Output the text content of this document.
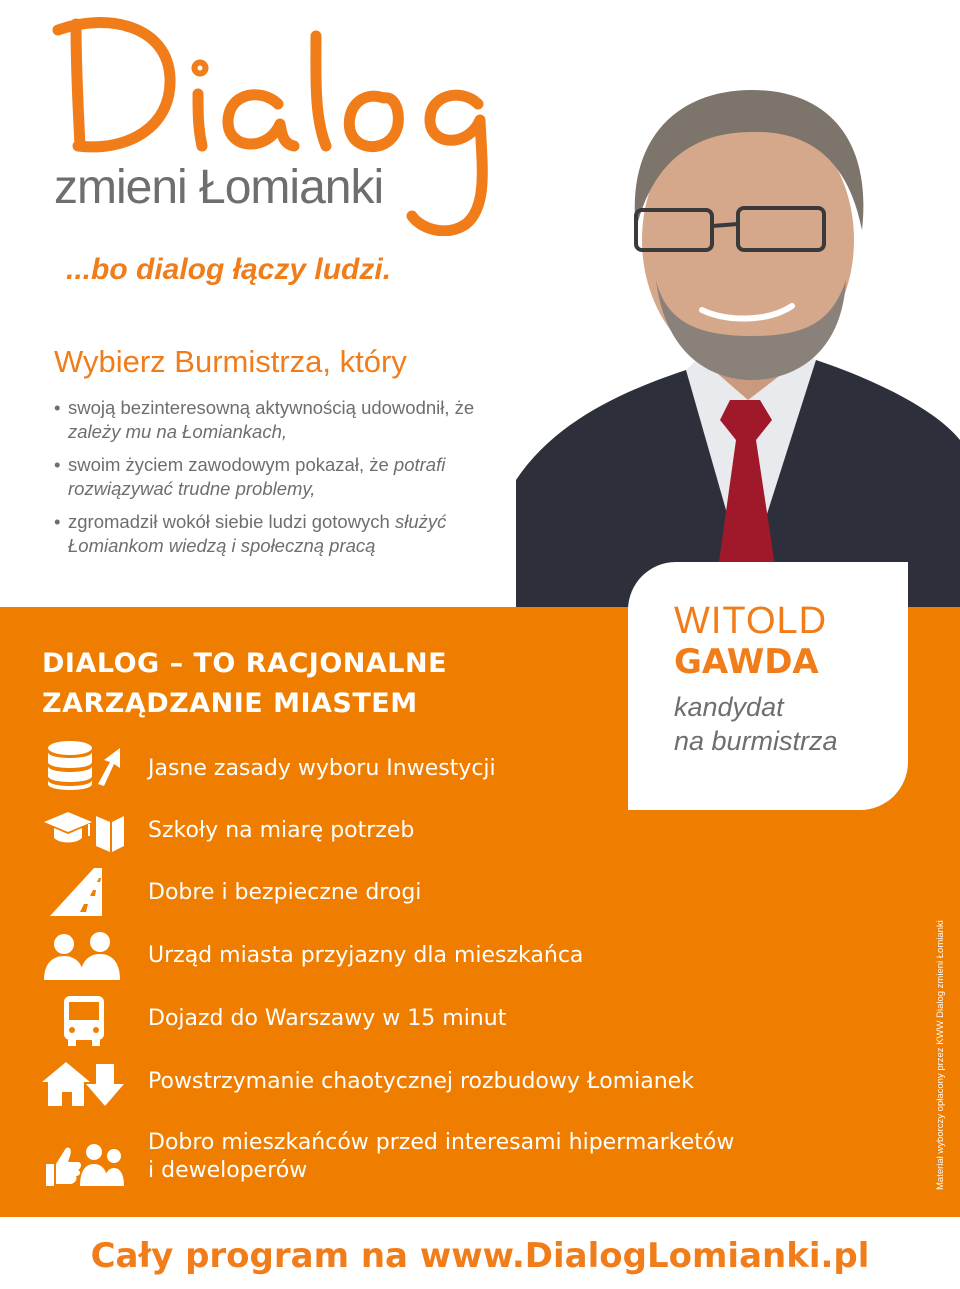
zmieni Łomianki
...bo dialog łączy ludzi.
Wybierz Burmistrza, który
• swoją bezinteresowną aktywnością udowodnił, że zależy mu na Łomiankach,
• swoim życiem zawodowym pokazał, że potrafi rozwiązywać trudne problemy,
• zgromadził wokół siebie ludzi gotowych służyć Łomiankom wiedzą i społeczną pracą
WITOLD
GAWDA
kandydat
na burmistrza
DIALOG – TO RACJONALNE
ZARZĄDZANIE MIASTEM
Jasne zasady wyboru Inwestycji
Szkoły na miarę potrzeb
Dobre i bezpieczne drogi
Urząd miasta przyjazny dla mieszkańca
Dojazd do Warszawy w 15 minut
Powstrzymanie chaotycznej rozbudowy Łomianek
Dobro mieszkańców przed interesami hipermarketów
i deweloperów	Materiał wyborczy opłacony przez KWW Dialog zmieni Łomianki
Cały program na www.DialogLomianki.pl
